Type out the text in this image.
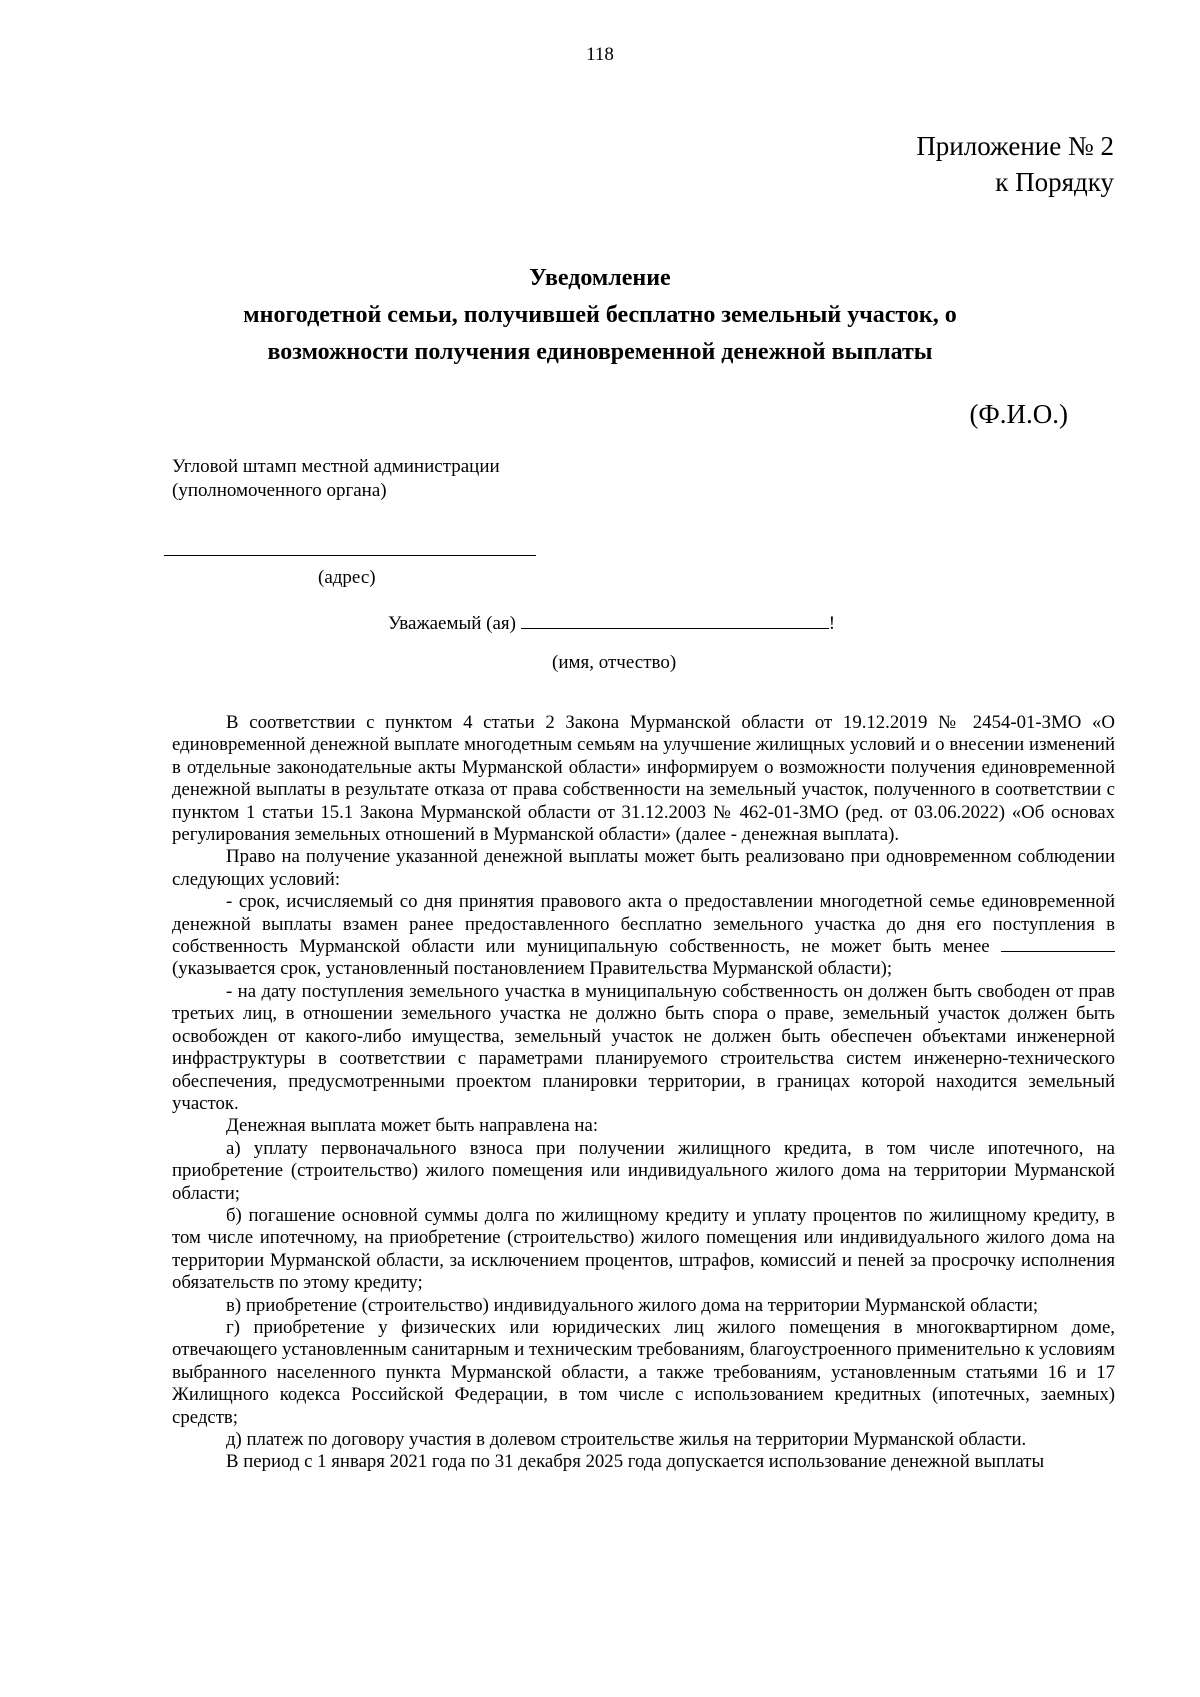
118
Приложение № 2
к Порядку
Уведомление
многодетной семьи, получившей бесплатно земельный участок, о
возможности получения единовременной денежной выплаты
(Ф.И.О.)
Угловой штамп местной администрации
(уполномоченного органа)
(адрес)
Уважаемый (ая)	!
(имя, отчество)

В соответствии с пунктом 4 статьи 2 Закона Мурманской области от 19.12.2019 № 2454-01-ЗМО «О единовременной денежной выплате многодетным семьям на улучшение жилищных условий и о внесении изменений в отдельные законодательные акты Мурманской области» информируем о возможности получения единовременной денежной выплаты в результате отказа от права собственности на земельный участок, полученного в соответствии с пунктом 1 статьи 15.1 Закона Мурманской области от 31.12.2003 № 462-01-ЗМО (ред. от 03.06.2022) «Об основах регулирования земельных отношений в Мурманской области» (далее - денежная выплата).

Право на получение указанной денежной выплаты может быть реализовано при одновременном соблюдении следующих условий:

- срок, исчисляемый со дня принятия правового акта о предоставлении многодетной семье единовременной денежной выплаты взамен ранее предоставленного бесплатно земельного участка до дня его поступления в собственность Мурманской области или муниципальную собственность, не может быть менее  (указывается срок, установленный постановлением Правительства Мурманской области);

- на дату поступления земельного участка в муниципальную собственность он должен быть свободен от прав третьих лиц, в отношении земельного участка не должно быть спора о праве, земельный участок должен быть освобожден от какого-либо имущества, земельный участок не должен быть обеспечен объектами инженерной инфраструктуры в соответствии с параметрами планируемого строительства систем инженерно-технического обеспечения, предусмотренными проектом планировки территории, в границах которой находится земельный участок.

Денежная выплата может быть направлена на:

а) уплату первоначального взноса при получении жилищного кредита, в том числе ипотечного, на приобретение (строительство) жилого помещения или индивидуального жилого дома на территории Мурманской области;

б) погашение основной суммы долга по жилищному кредиту и уплату процентов по жилищному кредиту, в том числе ипотечному, на приобретение (строительство) жилого помещения или индивидуального жилого дома на территории Мурманской области, за исключением процентов, штрафов, комиссий и пеней за просрочку исполнения обязательств по этому кредиту;

в) приобретение (строительство) индивидуального жилого дома на территории Мурманской области;

г) приобретение у физических или юридических лиц жилого помещения в многоквартирном доме, отвечающего установленным санитарным и техническим требованиям, благоустроенного применительно к условиям выбранного населенного пункта Мурманской области, а также требованиям, установленным статьями 16 и 17 Жилищного кодекса Российской Федерации, в том числе с использованием кредитных (ипотечных, заемных) средств;

д) платеж по договору участия в долевом строительстве жилья на территории Мурманской области.

В период с 1 января 2021 года по 31 декабря 2025 года допускается использование денежной выплаты
